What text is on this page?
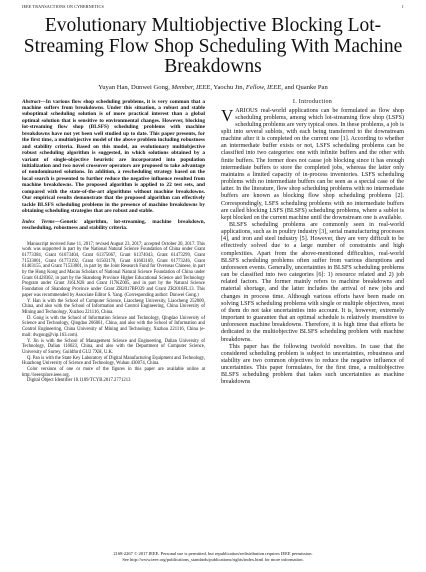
IEEE TRANSACTIONS ON CYBERNETICS	1
Evolutionary Multiobjective Blocking Lot-Streaming Flow Shop Scheduling With Machine Breakdowns
Yuyan Han, Dunwei Gong, Member, IEEE, Yaochu Jin, Fellow, IEEE, and Quanke Pan
Abstract—In various flow shop scheduling problems, it is very common that a machine suffers from breakdowns. Under this situation, a robust and stable suboptimal scheduling solution is of more practical interest than a global optimal solution that is sensitive to environmental changes. However, blocking lot-streaming flow shop (BLSFS) scheduling problems with machine breakdowns have not yet been well studied up to date. This paper presents, for the first time, a multiobjective model of the above problem including robustness and stability criteria. Based on this model, an evolutionary multiobjective robust scheduling algorithm is suggested, in which solutions obtained by a variant of single-objective heuristic are incorporated into population initialization and two novel crossover operators are proposed to take advantage of nondominated solutions. In addition, a rescheduling strategy based on the local search is presented to further reduce the negative influence resulted from machine breakdowns. The proposed algorithm is applied to 22 test sets, and compared with the state-of-the-art algorithms without machine breakdowns. Our empirical results demonstrate that the proposed algorithm can effectively tackle BLSFS scheduling problems in the presence of machine breakdowns by obtaining scheduling strategies that are robust and stable.
Index Terms—Genetic algorithm, lot-streaming, machine breakdown, rescheduling, robustness and stability criteria.

Manuscript received June 11, 2017; revised August 23, 2017; accepted October 20, 2017. This work was supported in part by the National Natural Science Foundation of China under Grant 61773384, Grant 61673404, Grant 61375067, Grant 61374043, Grant 61473299, Grant 71533001, Grant 61773192, Grant 61503170, Grant 61603169, Grant 61773246, Grant 61403155, and Grant 71533001, in part by the Joint Research Fund for Overseas Chinese, in part by the Hong Kong and Macau Scholars of National Natural Science Foundation of China under Grant 61428302, in part by the Shandong Province Higher Educational Science and Technology Program under Grant J16LN28 and Grant J17KZ005, and in part by the Natural Science Foundation of Shandong Province under Grant ZR2017BF039 and Grant ZR2016FL13. This paper was recommended by Associate Editor S. Yang. (Corresponding author: Dunwei Gong.)

Y. Han is with the School of Computer Science, Liaocheng University, Liaocheng 252000, China, and also with the School of Information and Control Engineering, China University of Mining and Technology, Xuzhou 221116, China.

D. Gong is with the School of Information Science and Technology, Qingdao University of Science and Technology, Qingdao 266061, China, and also with the School of Information and Control Engineering, China University of Mining and Technology, Xuzhou 221116, China (e-mail: dwgong@vip.163.com).

Y. Jin is with the School of Management Science and Engineering, Dalian University of Technology, Dalian 116023, China, and also with the Department of Computer Science, University of Surrey, Guildford GU2 7XH, U.K.

Q. Pan is with the State Key Laboratory of Digital Manufacturing Equipment and Technology, Huazhong University of Science and Technology, Wuhan 430074, China.

Color versions of one or more of the figures in this paper are available online at http://ieeexplore.ieee.org.

Digital Object Identifier 10.1109/TCYB.2017.2771213

I. Introduction

VARIOUS real-world applications can be formulated as flow shop scheduling problems, among which lot-streaming flow shop (LSFS) scheduling problems are very typical ones. In these problems, a job is split into several sublots, with each being transferred to the downstream machine after it is completed on the current one [1]. According to whether an intermediate buffer exists or not, LSFS scheduling problems can be classified into two categories: one with infinite buffers and the other with finite buffers. The former does not cause job blocking since it has enough intermediate buffers to store the completed jobs, whereas the latter only maintains a limited capacity of in-process inventories. LSFS scheduling problems with no intermediate buffers can be seen as a special case of the latter. In the literature, flow shop scheduling problems with no intermediate buffers are known as blocking flow shop scheduling problems [2]. Correspondingly, LSFS scheduling problems with no intermediate buffers are called blocking LSFS (BLSFS) scheduling problems, where a sublot is kept blocked on the current machine until the downstream one is available.

BLSFS scheduling problems are commonly seen in real-world applications, such as in poultry industry [3], serial manufacturing processes [4], and iron and steel industry [5]. However, they are very difficult to be effectively solved due to a large number of constraints and high complexities. Apart from the above-mentioned difficulties, real-world BLSFS scheduling problems often suffer from various disruptions and unforeseen events. Generally, uncertainties in BLSFS scheduling problems can be classified into two categories [6]: 1) resource related and 2) job related factors. The former mainly refers to machine breakdowns and material shortage, and the latter includes the arrival of new jobs and changes in process time. Although various efforts have been made on solving LSFS scheduling problems with single or multiple objectives, most of them do not take uncertainties into account. It is, however, extremely important to guarantee that an optimal schedule is relatively insensitive to unforeseen machine breakdowns. Therefore, it is high time that efforts be dedicated to the multiobjective BLSFS scheduling problem with machine breakdowns.

This paper has the following twofold novelties. In case that the considered scheduling problem is subject to uncertainties, robustness and stability are two common objectives to reduce the negative influence of uncertainties. This paper formulates, for the first time, a multiobjective BLSFS scheduling problem that takes such uncertainties as machine breakdowns

2168-2267 © 2017 IEEE. Personal use is permitted, but republication/redistribution requires IEEE permission.
See http://www.ieee.org/publications_standards/publications/rights/index.html for more information.
